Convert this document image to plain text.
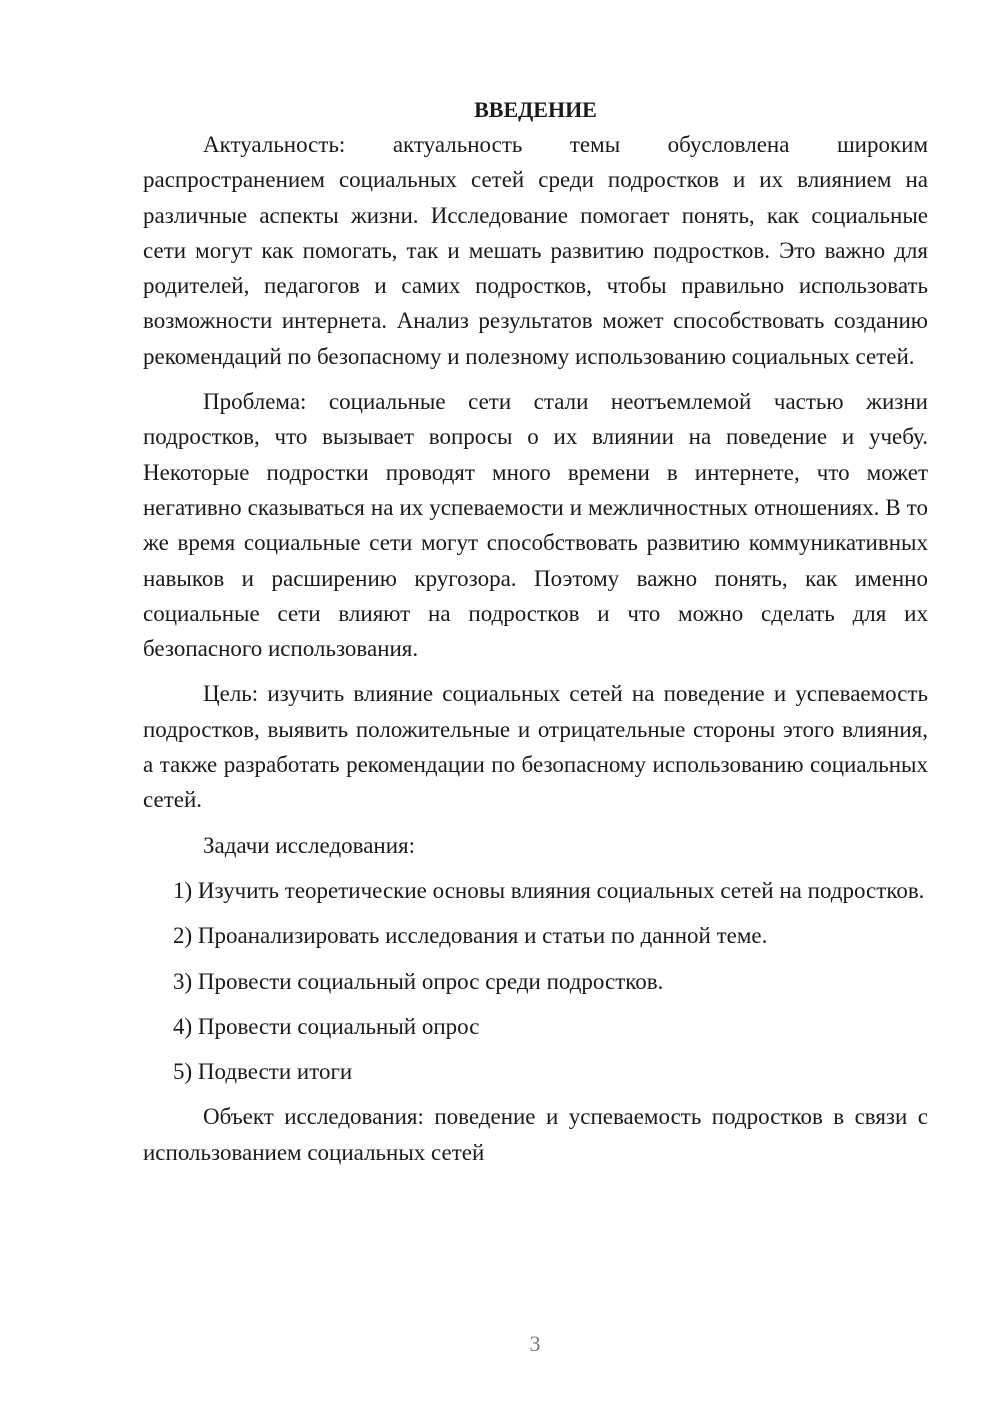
ВВЕДЕНИЕ

Актуальность: актуальность темы обусловлена широким распространением социальных сетей среди подростков и их влиянием на различные аспекты жизни. Исследование помогает понять, как социальные сети могут как помогать, так и мешать развитию подростков. Это важно для родителей, педагогов и самих подростков, чтобы правильно использовать возможности интернета. Анализ результатов может способствовать созданию рекомендаций по безопасному и полезному использованию социальных сетей.

Проблема: социальные сети стали неотъемлемой частью жизни подростков, что вызывает вопросы о их влиянии на поведение и учебу. Некоторые подростки проводят много времени в интернете, что может негативно сказываться на их успеваемости и межличностных отношениях. В то же время социальные сети могут способствовать развитию коммуникативных навыков и расширению кругозора. Поэтому важно понять, как именно социальные сети влияют на подростков и что можно сделать для их безопасного использования.

Цель: изучить влияние социальных сетей на поведение и успеваемость подростков, выявить положительные и отрицательные стороны этого влияния, а также разработать рекомендации по безопасному использованию социальных сетей.

Задачи исследования:

1) Изучить теоретические основы влияния социальных сетей на подростков.

2) Проанализировать исследования и статьи по данной теме.

3) Провести социальный опрос среди подростков.

4) Провести социальный опрос

5) Подвести итоги

Объект исследования: поведение и успеваемость подростков в связи с использованием социальных сетей

3
